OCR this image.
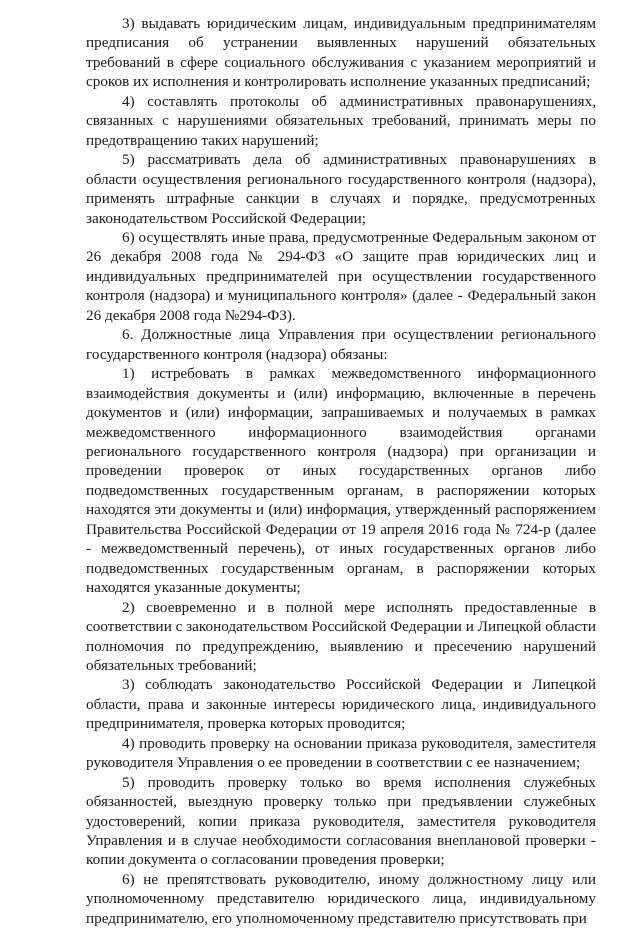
3) выдавать юридическим лицам, индивидуальным предпринимателям предписания об устранении выявленных нарушений обязательных требований в сфере социального обслуживания с указанием мероприятий и сроков их исполнения и контролировать исполнение указанных предписаний;

4) составлять протоколы об административных правонарушениях, связанных с нарушениями обязательных требований, принимать меры по предотвращению таких нарушений;

5) рассматривать дела об административных правонарушениях в области осуществления регионального государственного контроля (надзора), применять штрафные санкции в случаях и порядке, предусмотренных законодательством Российской Федерации;

6) осуществлять иные права, предусмотренные Федеральным законом от 26 декабря 2008 года № 294-ФЗ «О защите прав юридических лиц и индивидуальных предпринимателей при осуществлении государственного контроля (надзора) и муниципального контроля» (далее - Федеральный закон 26 декабря 2008 года №294-ФЗ).

6. Должностные лица Управления при осуществлении регионального государственного контроля (надзора) обязаны:

1) истребовать в рамках межведомственного информационного взаимодействия документы и (или) информацию, включенные в перечень документов и (или) информации, запрашиваемых и получаемых в рамках межведомственного информационного взаимодействия органами регионального государственного контроля (надзора) при организации и проведении проверок от иных государственных органов либо подведомственных государственным органам, в распоряжении которых находятся эти документы и (или) информация, утвержденный распоряжением Правительства Российской Федерации от 19 апреля 2016 года № 724-р (далее - межведомственный перечень), от иных государственных органов либо подведомственных государственным органам, в распоряжении которых находятся указанные документы;

2) своевременно и в полной мере исполнять предоставленные в соответствии с законодательством Российской Федерации и Липецкой области полномочия по предупреждению, выявлению и пресечению нарушений обязательных требований;

3) соблюдать законодательство Российской Федерации и Липецкой области, права и законные интересы юридического лица, индивидуального предпринимателя, проверка которых проводится;

4) проводить проверку на основании приказа руководителя, заместителя руководителя Управления о ее проведении в соответствии с ее назначением;

5) проводить проверку только во время исполнения служебных обязанностей, выездную проверку только при предъявлении служебных удостоверений, копии приказа руководителя, заместителя руководителя Управления и в случае необходимости согласования внеплановой проверки - копии документа о согласовании проведения проверки;

6) не препятствовать руководителю, иному должностному лицу или уполномоченному представителю юридического лица, индивидуальному предпринимателю, его уполномоченному представителю присутствовать при
